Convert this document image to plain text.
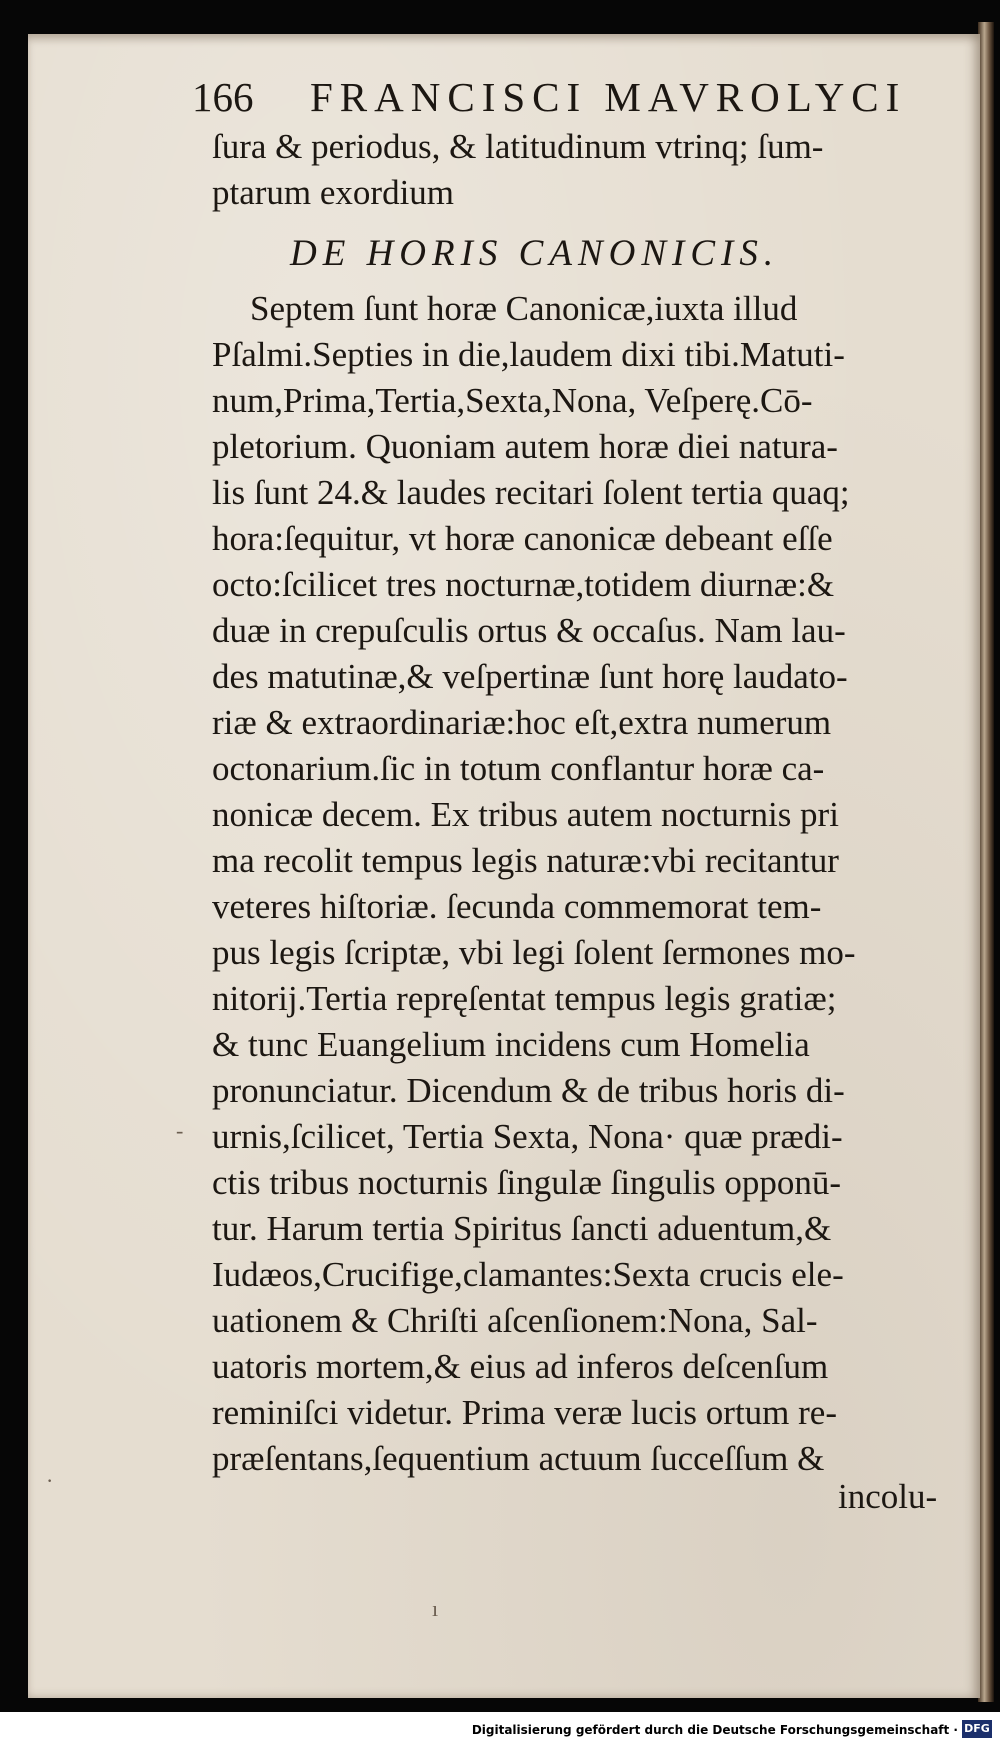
166 FRANCISCI MAVROLYCI
ſura & periodus, & latitudinum vtrinq; ſum-
ptarum exordium
DE HORIS CANONICIS.
Septem ſunt horæ Canonicæ,iuxta illud
Pſalmi.Septies in die,laudem dixi tibi.Matuti-
num,Prima,Tertia,Sexta,Nona, Veſperę.Cō-
pletorium. Quoniam autem horæ diei natura-
lis ſunt 24.& laudes recitari ſolent tertia quaq;
hora:ſequitur, vt horæ canonicæ debeant eſſe
octo:ſcilicet tres nocturnæ,totidem diurnæ:&
duæ in crepuſculis ortus & occaſus. Nam lau-
des matutinæ,& veſpertinæ ſunt horę laudato-
riæ & extraordinariæ:hoc eſt,extra numerum
octonarium.ſic in totum conflantur horæ ca-
nonicæ decem. Ex tribus autem nocturnis pri
ma recolit tempus legis naturæ:vbi recitantur
veteres hiſtoriæ. ſecunda commemorat tem-
pus legis ſcriptæ, vbi legi ſolent ſermones mo-
nitorij.Tertia repręſentat tempus legis gratiæ;
& tunc Euangelium incidens cum Homelia
pronunciatur. Dicendum & de tribus horis di-
urnis,ſcilicet, Tertia Sexta, Nona· quæ prædi-
ctis tribus nocturnis ſingulæ ſingulis opponū-
tur. Harum tertia Spiritus ſancti aduentum,&
Iudæos,Crucifige,clamantes:Sexta crucis ele-
uationem & Chriſti aſcenſionem:Nona, Sal-
uatoris mortem,& eius ad inferos deſcenſum
reminiſci videtur. Prima veræ lucis ortum re-
præſentans,ſequentium actuum ſucceſſum &
incolu-
‑
·
ı
Digitalisierung gefördert durch die Deutsche Forschungsgemeinschaft · DFG
